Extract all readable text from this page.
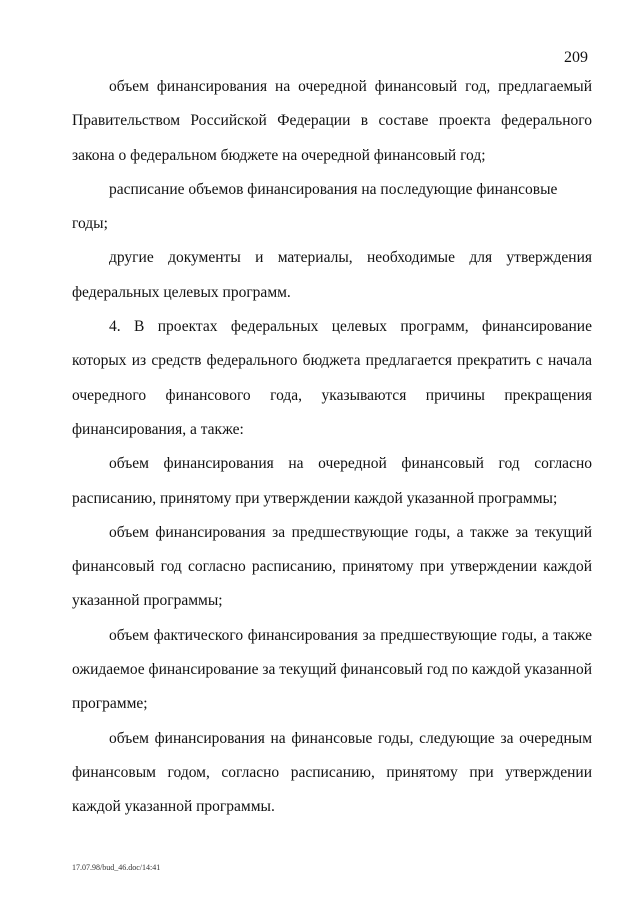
209

объем финансирования на очередной финансовый год, предлагаемый Правительством Российской Федерации в составе проекта федерального закона о федеральном бюджете на очередной финансовый год;

расписание объемов финансирования на последующие финансовые годы;

другие документы и материалы, необходимые для утверждения федеральных целевых программ.

4. В проектах федеральных целевых программ, финансирование которых из средств федерального бюджета предлагается прекратить с начала очередного финансового года, указываются причины прекращения финансирования, а также:

объем финансирования на очередной финансовый год согласно расписанию, принятому при утверждении каждой указанной программы;

объем финансирования за предшествующие годы, а также за текущий финансовый год согласно расписанию, принятому при утверждении каждой указанной программы;

объем фактического финансирования за предшествующие годы, а также ожидаемое финансирование за текущий финансовый год по каждой указанной программе;

объем финансирования на финансовые годы, следующие за очередным финансовым годом, согласно расписанию, принятому при утверждении каждой указанной программы.

17.07.98/bud_46.doc/14:41
